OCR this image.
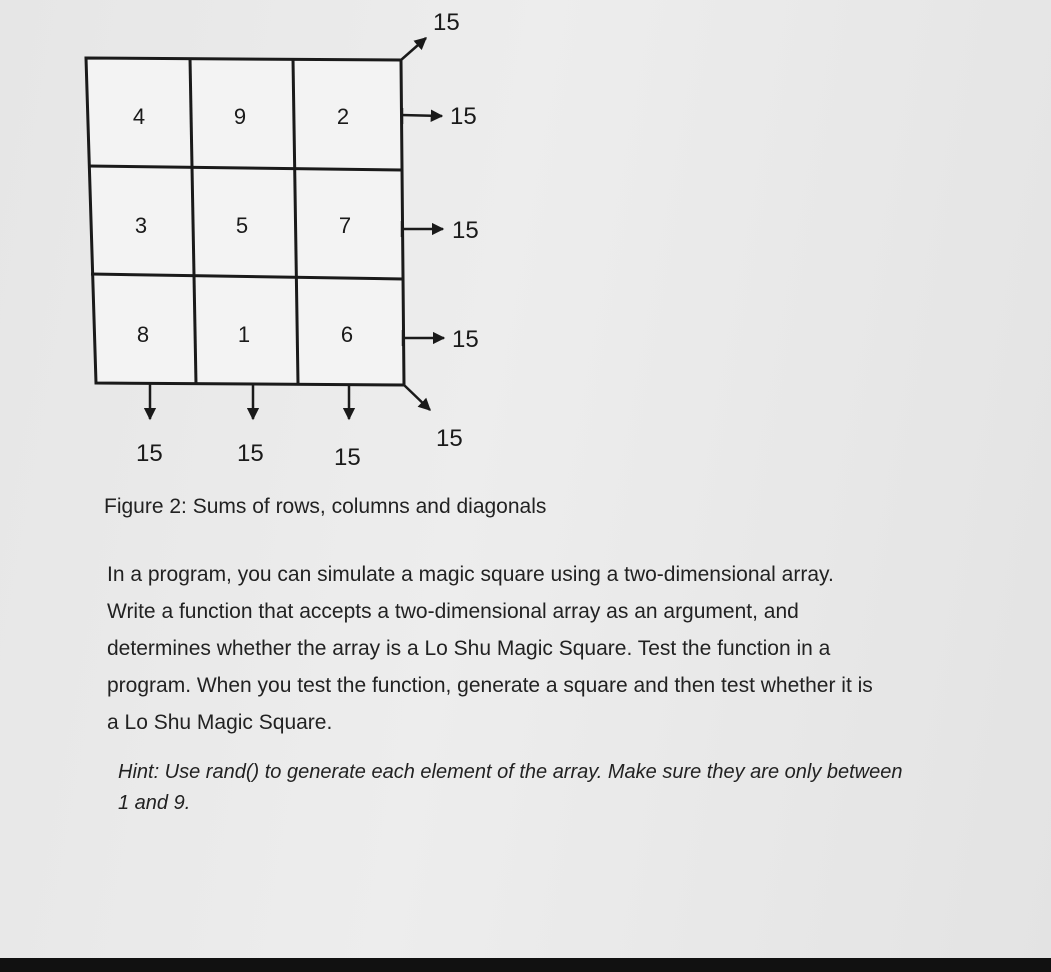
4	9	2
3	5	7
8	1	6
15
15
15
15
15
15	15	15
Figure 2: Sums of rows, columns and diagonals

In a program, you can simulate a magic square using a two-dimensional array.
Write a function that accepts a two-dimensional array as an argument, and
determines whether the array is a Lo Shu Magic Square. Test the function in a
program. When you test the function, generate a square and then test whether it is
a Lo Shu Magic Square.

Hint: Use rand() to generate each element of the array. Make sure they are only between
1 and 9.
